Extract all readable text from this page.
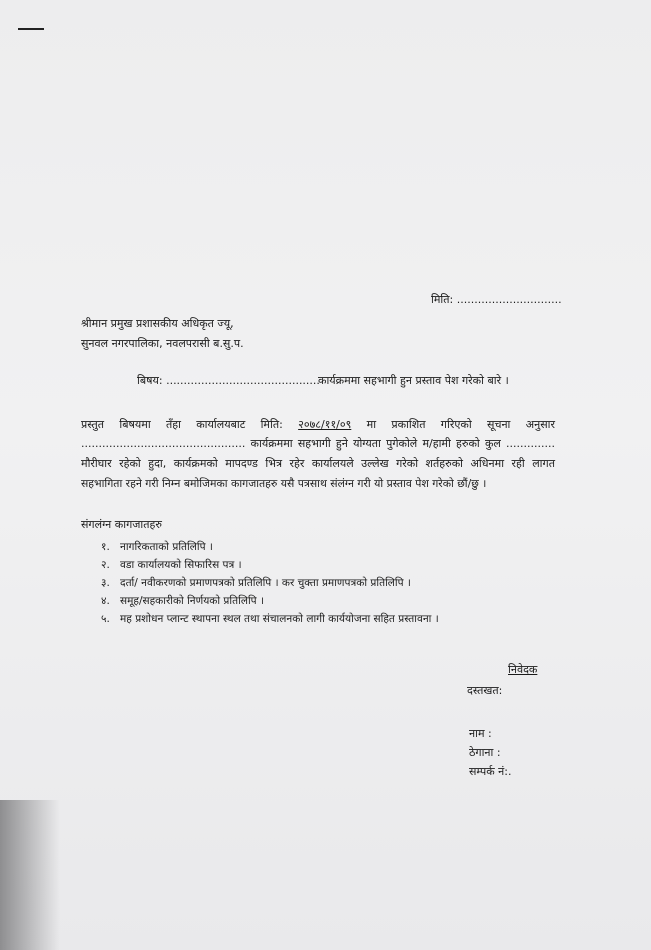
मिति: ..............................
श्रीमान प्रमुख प्रशासकीय अधिकृत ज्यू,
सुनवल नगरपालिका, नवलपरासी ब.सु.प.
बिषय: ............................................
कार्यक्रममा सहभागी हुन प्रस्ताव पेश गरेको बारे ।
प्रस्तुत बिषयमा तँहा कार्यालयबाट मिति: २०७८/११/०९ मा प्रकाशित गरिएको सूचना अनुसार
............................................... कार्यक्रममा सहभागी हुने योग्यता पुगेकोले म/हामी हरुको कुल ..............
मौरीघार रहेको हुदा, कार्यक्रमको मापदण्ड भित्र रहेर कार्यालयले उल्लेख गरेको शर्तहरुको अधिनमा रही लागत
सहभागिता रहने गरी निम्न बमोजिमका कागजातहरु यसै पत्रसाथ संलंग्न गरी यो प्रस्ताव पेश गरेको छौं/छु ।
संगलंग्न कागजातहरु
१. नागरिकताको प्रतिलिपि ।
२. वडा कार्यालयको सिफारिस पत्र ।
३. दर्ता/ नवीकरणको प्रमाणपत्रको प्रतिलिपि । कर चुक्ता प्रमाणपत्रको प्रतिलिपि ।
४. समूह/सहकारीको निर्णयको प्रतिलिपि ।
५. मह प्रशोधन प्लान्ट स्थापना स्थल तथा संचालनको लागी कार्ययोजना सहित प्रस्तावना ।
निवेदक
दस्तखत:
नाम :
ठेगाना :
सम्पर्क नं:.
